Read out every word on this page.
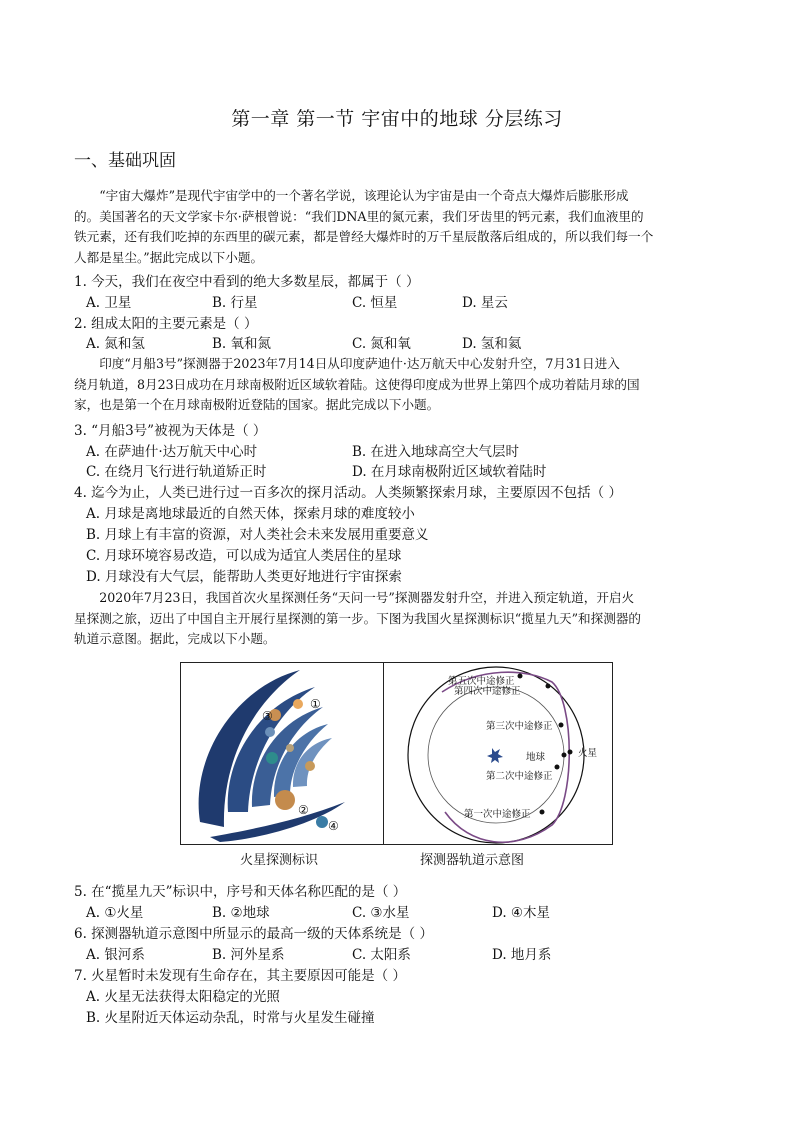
第一章 第一节 宇宙中的地球 分层练习
一、基础巩固
“宇宙大爆炸”是现代宇宙学中的一个著名学说，该理论认为宇宙是由一个奇点大爆炸后膨胀形成
的。美国著名的天文学家卡尔·萨根曾说：“我们DNA里的氮元素，我们牙齿里的钙元素，我们血液里的
铁元素，还有我们吃掉的东西里的碳元素，都是曾经大爆炸时的万千星辰散落后组成的，所以我们每一个
人都是星尘。”据此完成以下小题。
1. 今天，我们在夜空中看到的绝大多数星辰，都属于（ ）
A. 卫星	B. 行星	C. 恒星	D. 星云
2. 组成太阳的主要元素是（ ）
A. 氮和氢	B. 氧和氮	C. 氮和氧	D. 氢和氦
印度“月船3号”探测器于2023年7月14日从印度萨迪什·达万航天中心发射升空，7月31日进入
绕月轨道，8月23日成功在月球南极附近区域软着陆。这使得印度成为世界上第四个成功着陆月球的国
家，也是第一个在月球南极附近登陆的国家。据此完成以下小题。
3. “月船3号”被视为天体是（ ）
A. 在萨迪什·达万航天中心时	B. 在进入地球高空大气层时
C. 在绕月飞行进行轨道矫正时	D. 在月球南极附近区域软着陆时
4. 迄今为止，人类已进行过一百多次的探月活动。人类频繁探索月球，主要原因不包括（ ）
A. 月球是离地球最近的自然天体，探索月球的难度较小
B. 月球上有丰富的资源，对人类社会未来发展用重要意义
C. 月球环境容易改造，可以成为适宜人类居住的星球
D. 月球没有大气层，能帮助人类更好地进行宇宙探索
2020年7月23日，我国首次火星探测任务“天问一号”探测器发射升空，并进入预定轨道，开启火
星探测之旅，迈出了中国自主开展行星探测的第一步。下图为我国火星探测标识“揽星九天”和探测器的
轨道示意图。据此，完成以下小题。
①
②
③
④
第五次中途修正
第四次中途修正
第三次中途修正
地球	火星
第二次中途修正
第一次中途修正
火星探测标识	探测器轨道示意图
5. 在“揽星九天”标识中，序号和天体名称匹配的是（ ）
A. ①火星	B. ②地球	C. ③水星	D. ④木星
6. 探测器轨道示意图中所显示的最高一级的天体系统是（ ）
A. 银河系	B. 河外星系	C. 太阳系	D. 地月系
7. 火星暂时未发现有生命存在，其主要原因可能是（ ）
A. 火星无法获得太阳稳定的光照
B. 火星附近天体运动杂乱，时常与火星发生碰撞
